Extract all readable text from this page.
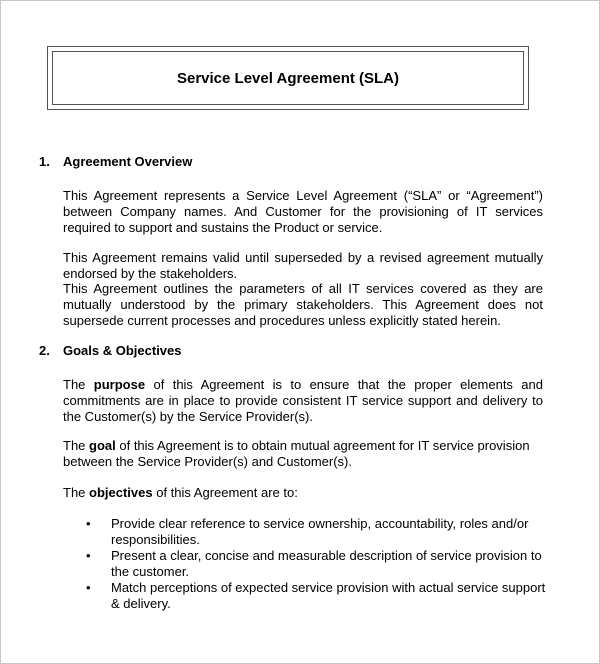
Service Level Agreement (SLA)
1. Agreement Overview

This Agreement represents a Service Level Agreement (“SLA” or “Agreement”) between Company names. And Customer for the provisioning of IT services required to support and sustains the Product or service.

This Agreement remains valid until superseded by a revised agreement mutually endorsed by the stakeholders.

This Agreement outlines the parameters of all IT services covered as they are mutually understood by the primary stakeholders. This Agreement does not supersede current processes and procedures unless explicitly stated herein.

2. Goals & Objectives

The purpose of this Agreement is to ensure that the proper elements and commitments are in place to provide consistent IT service support and delivery to the Customer(s) by the Service Provider(s).

The goal of this Agreement is to obtain mutual agreement for IT service provision between the Service Provider(s) and Customer(s).

The objectives of this Agreement are to:

• Provide clear reference to service ownership, accountability, roles and/or responsibilities.
• Present a clear, concise and measurable description of service provision to the customer.
• Match perceptions of expected service provision with actual service support & delivery.
